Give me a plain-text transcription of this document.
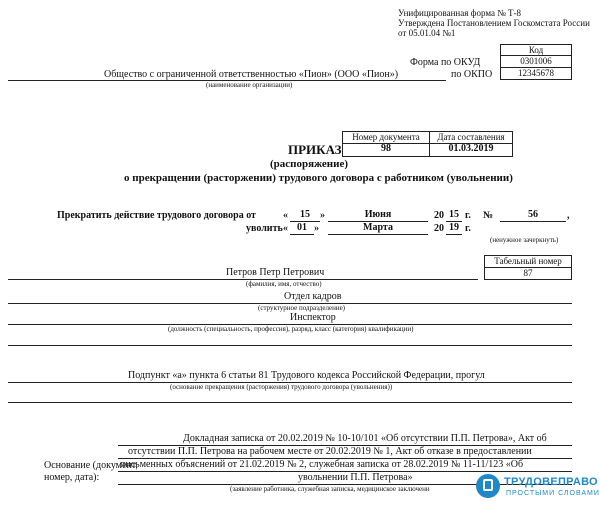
Унифицированная форма № Т-8
Утверждена Постановлением Госкомстата России
от 05.01.04 №1
Код
Форма по ОКУД	0301006
по ОКПО	12345678
Общество с ограниченной ответственностью «Пион» (ООО «Пион»)
(наименование организации)
Номер документа	Дата составления
98	01.03.2019
ПРИКАЗ
(распоряжение)
о прекращении (расторжении) трудового договора с работником (увольнении)
Прекратить действие трудового договора от	«	15	»	Июня	20 15 г. №	56	,
уволить « 01 »	Марта	20 19 г.
(ненужное зачеркнуть)
Табельный номер
87
Петров Петр Петрович
(фамилия, имя, отчество)
Отдел кадров
(структурное подразделение)
Инспектор
(должность (специальность, профессия), разряд, класс (категория) квалификации)
Подпункт «а» пункта 6 статьи 81 Трудового кодекса Российской Федерации, прогул
(основание прекращения (расторжения) трудового договора (увольнения))
Докладная записка от 20.02.2019 № 10-10/101 «Об отсутствии П.П. Петрова», Акт об
отсутствии П.П. Петрова на рабочем месте от 20.02.2019 № 1, Акт об отказе в предоставлении
Основание (документ,
письменных объяснений от 21.02.2019 № 2, служебная записка от 28.02.2019 № 11-11/123 «Об
номер, дата):	увольнении П.П. Петрова»
(заявление работника, служебная записка, медицинское заключени
ТРУДОВЕПРАВО
ПРОСТЫМИ СЛОВАМИ
